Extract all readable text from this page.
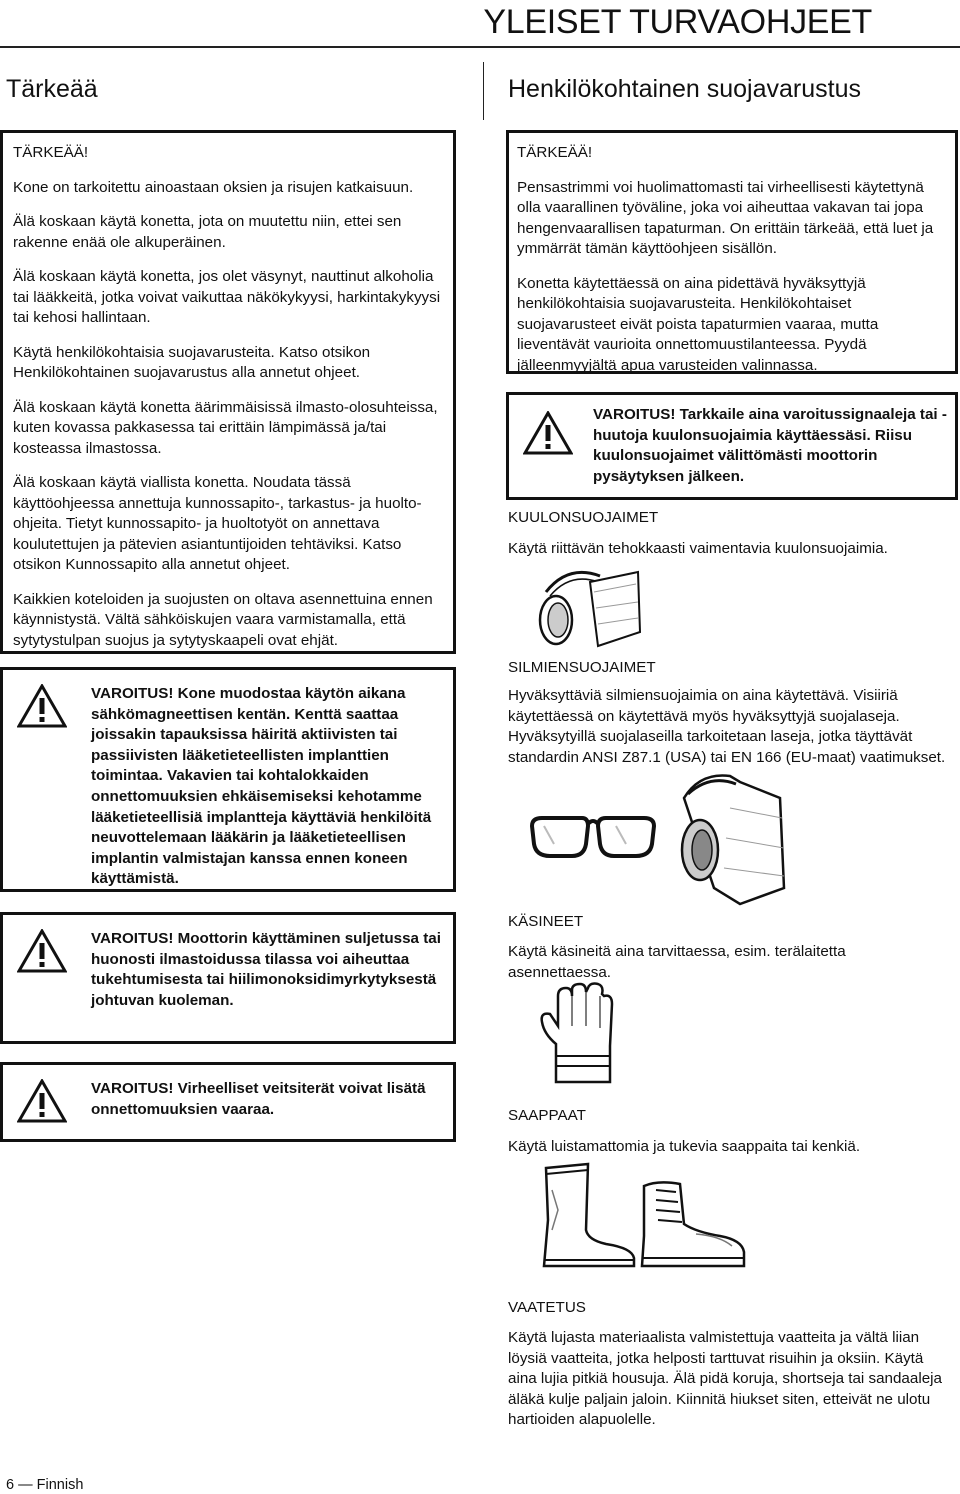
YLEISET TURVAOHJEET
Tärkeää	Henkilökohtainen suojavarustus

TÄRKEÄÄ!

Kone on tarkoitettu ainoastaan oksien ja risujen katkaisuun.

Älä koskaan käytä konetta, jota on muutettu niin, ettei sen rakenne enää ole alkuperäinen.

Älä koskaan käytä konetta, jos olet väsynyt, nauttinut alkoholia tai lääkkeitä, jotka voivat vaikuttaa näkökykyysi, harkintakykyysi tai kehosi hallintaan.

Käytä henkilökohtaisia suojavarusteita. Katso otsikon Henkilökohtainen suojavarustus alla annetut ohjeet.

Älä koskaan käytä konetta äärimmäisissä ilmasto-olosuhteissa, kuten kovassa pakkasessa tai erittäin lämpimässä ja/tai kosteassa ilmastossa.

Älä koskaan käytä viallista konetta. Noudata tässä käyttöohjeessa annettuja kunnossapito-, tarkastus- ja huolto-ohjeita. Tietyt kunnossapito- ja huoltotyöt on annettava koulutettujen ja pätevien asiantuntijoiden tehtäviksi. Katso otsikon Kunnossapito alla annetut ohjeet.

Kaikkien koteloiden ja suojusten on oltava asennettuina ennen käynnistystä. Vältä sähköiskujen vaara varmistamalla, että sytytystulpan suojus ja sytytyskaapeli ovat ehjät.

VAROITUS! Kone muodostaa käytön aikana sähkömagneettisen kentän. Kenttä saattaa joissakin tapauksissa häiritä aktiivisten tai passiivisten lääketieteellisten implanttien toimintaa. Vakavien tai kohtalokkaiden onnettomuuksien ehkäisemiseksi kehotamme lääketieteellisiä implantteja käyttäviä henkilöitä neuvottelemaan lääkärin ja lääketieteellisen implantin valmistajan kanssa ennen koneen käyttämistä.
VAROITUS! Moottorin käyttäminen suljetussa tai huonosti ilmastoidussa tilassa voi aiheuttaa tukehtumisesta tai hiilimonoksidimyrkytyksestä johtuvan kuoleman.
VAROITUS! Virheelliset veitsiterät voivat lisätä onnettomuuksien vaaraa.

TÄRKEÄÄ!

Pensastrimmi voi huolimattomasti tai virheellisesti käytettynä olla vaarallinen työväline, joka voi aiheuttaa vakavan tai jopa hengenvaarallisen tapaturman. On erittäin tärkeää, että luet ja ymmärrät tämän käyttöohjeen sisällön.

Konetta käytettäessä on aina pidettävä hyväksyttyjä henkilökohtaisia suojavarusteita. Henkilökohtaiset suojavarusteet eivät poista tapaturmien vaaraa, mutta lieventävät vaurioita onnettomuustilanteessa. Pyydä jälleenmyyjältä apua varusteiden valinnassa.

VAROITUS! Tarkkaile aina varoitussignaaleja tai -huutoja kuulonsuojaimia käyttäessäsi. Riisu kuulonsuojaimet välittömästi moottorin pysäytyksen jälkeen.
KUULONSUOJAIMET
Käytä riittävän tehokkaasti vaimentavia kuulonsuojaimia.
SILMIENSUOJAIMET
Hyväksyttäviä silmiensuojaimia on aina käytettävä. Visiiriä käytettäessä on käytettävä myös hyväksyttyjä suojalaseja. Hyväksytyillä suojalaseilla tarkoitetaan laseja, jotka täyttävät standardin ANSI Z87.1 (USA) tai EN 166 (EU-maat) vaatimukset.
KÄSINEET
Käytä käsineitä aina tarvittaessa, esim. terälaitetta asennettaessa.
SAAPPAAT
Käytä luistamattomia ja tukevia saappaita tai kenkiä.
VAATETUS
Käytä lujasta materiaalista valmistettuja vaatteita ja vältä liian löysiä vaatteita, jotka helposti tarttuvat risuihin ja oksiin. Käytä aina lujia pitkiä housuja. Älä pidä koruja, shortseja tai sandaaleja äläkä kulje paljain jaloin. Kiinnitä hiukset siten, etteivät ne ulotu hartioiden alapuolelle.
6 — Finnish
